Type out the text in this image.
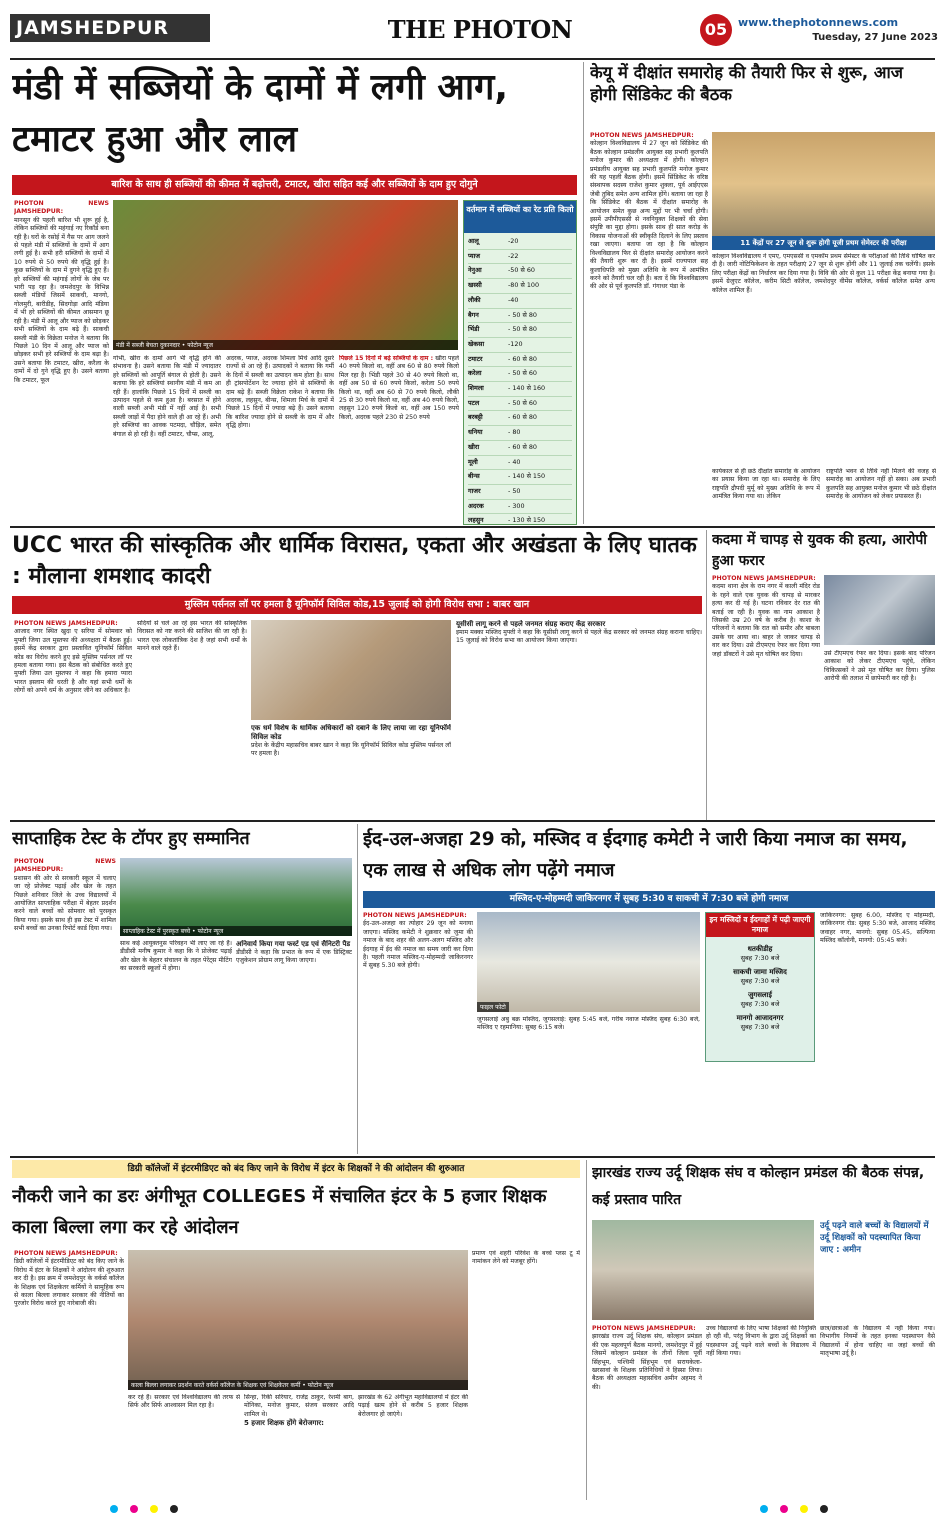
JAMSHEDPUR	THE PHOTON	05 www.thephotonnews.com
Tuesday, 27 June 2023
मंडी में सब्जियों के दामों में लगी आग, टमाटर हुआ और लाल
बारिश के साथ ही सब्जियों की कीमत में बढ़ोत्तरी, टमाटर, खीरा सहित कई और सब्जियों के दाम हुए दोगुने
PHOTON NEWS JAMSHEDPUR:
मानसून की पहली बारिश भी शुरू हुई है, लेकिन सब्जियों की महंगाई नए रिकॉर्ड बना रही है। घरों के रसोई में गैस पर आग जलने से पहले मंडी में सब्जियों के दामों में आग लगी हुई है। सभी हरी सब्जियों के दामों में 10 रुपये से 50 रुपये की वृद्धि हुई है। कुछ सब्जियों के दाम में दुगने वृद्धि हुए हैं। हरे सब्जियों की महंगाई लोगों के जेब पर भारी पड़ रहा है। जमशेदपुर के विभिन्न सब्जी मंडियों जिसमें साकची, मानगो, गोलमुरी, बारीडीह, सिदगोड़ा आदि मंडिया में भी हरे सब्जियों की कीमत आसमान छू रही है। मंडी में आलू और प्याज को छोड़कर सभी सब्जियों के दाम बढ़े हैं। साकची सब्जी मंडी के विक्रेता मनोज ने बताया कि पिछले 10 दिन में आलू और प्याज को छोड़कर सभी हरे सब्जियों के दाम बढ़ा है। उसने बताया कि टमाटर, खीरा, करैला के दामों में दो गुने वृद्धि हुए है। उसने बताया कि टमाटर, फूल
मंडी में सब्जी बेचता दुकानदार • फोटोन न्यूज
गोभी, खीरा के दामों आगे भी वृद्धि होने की संभावना है। उसने बताया कि मंडी में ज्यादातर हरे सब्जियों को आपूर्ति बंगाल से होती है। उसने बताया कि हरे सब्जियां स्थानीय मंडी में कम आ रही हैं। हालांकि पिछले 15 दिनों में सब्जी का उत्पादन पहले से कम हुआ है। बरसात में होने वाली सब्जी अभी मंडी में नहीं आई है। सभी सब्जी जाड़ों में पैदा होने वाले ही आ रहे हैं। अभी हरे सब्जियां का आवक पटमदा, चौड़िल, समेत बंगाल से हो रही है। वहीं टमाटर, चौप्स, आलू,
अदरक, प्याज, अदरक शिमला मिर्च आदि दूसरे राज्यों से आ रहे हैं। उत्पादकों ने बताया कि गर्मी के दिनों में सब्जी का उत्पादन कम होता है। साथ ही ट्रांसपोर्टेशन रेट ज्यादा होने से सब्जियों के दाम बढ़े हैं। सब्जी विक्रेता राकेश ने बताया कि अदरक, लहसुन, बीन्स, शिमला मिर्च के दामों में पिछले 15 दिनों में ज्यादा बढ़े हैं। उसने बताया कि बारिश ज्यादा होने से सब्जी के दाम में और वृद्धि होगा।
पिछले 15 दिनों में बढ़े सब्जियों के दाम : खीरा पहले 40 रुपये किलो था, वहीं अब 60 से 80 रुपये किलो मिल रहा है। भिंडी पहले 30 से 40 रुपये किलो था, वहीं अब 50 से 60 रुपये किलो, करेला 50 रुपये किलो था, वहीं अब 60 से 70 रुपये किलो, लौकी 25 से 30 रुपये किलो था, वहीं अब 40 रुपये किलो, लहसुन 120 रुपये किलो था, वहीं अब 150 रुपये किलो, अदरक पहले 230 से 250 रुपये
वर्तमान में सब्जियों का रेट प्रति किलो
आलू	-20
प्याज	-22
नेनुआ	-50 से 60
खस्सी	-80 से 100
लौकी	-40
बैगन	- 50 से 80
भिंडी	- 50 से 80
खेकसा	-120
टमाटर	- 60 से 80
करेला	- 50 से 60
शिमला	- 140 से 160
पटल	- 50 से 60
बरबट्टी	- 60 से 80
धनिया	- 80
खीरा	- 60 से 80
मूली	- 40
बीन्स	- 140 से 150
गाजर	- 50
अदरक	- 300
लहसुन	- 130 से 150
केयू में दीक्षांत समारोह की तैयारी फिर से शुरू, आज होगी सिंडिकेट की बैठक
PHOTON NEWS JAMSHEDPUR:
कोल्हान विश्वविद्यालय में 27 जून को सिंडिकेट की बैठक कोल्हान प्रमंडलीय आयुक्त सह प्रभारी कुलपति मनोज कुमार की अध्यक्षता में होगी। कोल्हान प्रमंडलीय आयुक्त सह प्रभारी कुलपति मनोज कुमार की यह पहली बैठक होगी। इसमें सिंडिकेट के वरिष्ठ संस्थापक सदस्य राजेश कुमार शुक्ला, पूर्व आईएएस जेबी तुबिद समेत अन्य शामिल होंगे। बताया जा रहा है कि सिंडिकेट की बैठक में दीक्षांत समारोह के आयोजन समेत कुछ अन्य मुद्दों पर भी चर्चा होगी। इसमें उपीपीएससी से नवनियुक्त शिक्षकों की सेवा संपुष्टि का मुद्दा होगा। इसके साथ ही सात करोड़ के विकास योजनाओं की स्वीकृति दिलाने के लिए प्रस्ताव रखा जाएगा। बताया जा रहा है कि कोल्हान विश्वविद्यालय फिर से दीक्षांत समारोह आयोजन करने की तैयारी शुरू कर दी है। इसमें राज्यपाल सह कुलाधिपति को मुख्य अतिथि के रूप में आमंत्रित करने को तैयारी चल रही है। बता दें कि विश्वविद्यालय की ओर से पूर्व कुलपति डॉ. गंगाधर पंडा के
11 केंद्रों पर 27 जून से शुरू होगी यूजी प्रथम सेमेस्टर की परीक्षा
कोल्हान विश्वविद्यालय ने एमए, एमएससी व एमकॉम प्रथम सेमेस्टर के परीक्षाओं की तिथि घोषित कर दी है। जारी नोटिफिकेशन के तहत परीक्षाएं 27 जून से शुरू होंगी और 11 जुलाई तक चलेंगी। इसके लिए परीक्षा केंद्रों का निर्धारण कर दिया गया है। विवि की ओर से कुल 11 परीक्षा केंद्र बनाया गया है। इसमें ग्रेजुएट कॉलेज, करीम सिटी कॉलेज, जमशेदपुर वीमेंस कॉलेज, वर्कर्स कॉलेज समेत अन्य कॉलेज शामिल हैं।
कार्यकाल से ही छठे दीक्षांत समारोह के आयोजन का प्रयास किया जा रहा था। समारोह के लिए राष्ट्रपति द्रौपदी मुर्मू को मुख्य अतिथि के रूप में आमंत्रित किया गया था। लेकिन
राष्ट्रपति भवन से तिथि नहीं मिलने की वजह से समारोह का आयोजन नहीं हो सका। अब प्रभारी कुलपति सह आयुक्त मनोज कुमार भी छठे दीक्षांत समारोह के आयोजन को लेकर प्रयासरत हैं।
UCC भारत की सांस्कृतिक और धार्मिक विरासत, एकता और अखंडता के लिए घातक : मौलाना शमशाद कादरी
मुस्लिम पर्सनल लॉ पर हमला है यूनिफॉर्म सिविल कोड,15 जुलाई को होगी विरोध सभा : बाबर खान
PHOTON NEWS JAMSHEDPUR:
आजाद नगर स्थित खुदा ए सरिया में सोमवार को मुफ्ती जिया उल मुस्तफा की अध्यक्षता में बैठक हुई। इसमें केंद्र सरकार द्वारा प्रस्तावित यूनिफॉर्म सिविल कोड का विरोध करने हुए इसे मुस्लिम पर्सनल लॉ पर हमला बताया गया। इस बैठक को संबोधित करते हुए मुफ्ती जिया उल मुस्तफा ने कहा कि हमारा प्यारा भारत इस्लाम की धरती है और यहां सभी धर्मों के लोगों को अपने धर्म के अनुसार जीने का अधिकार है।
सदियों से चले आ रहे इस भारत की सांस्कृतिक विरासत को नष्ट करने की साजिश की जा रही है। भारत एक लोकतांत्रिक देश है जहां सभी धर्मों के मानने वाले रहते हैं।
एक धर्म विशेष के धार्मिक अधिकारों को दबाने के लिए लाया जा रहा यूनिफॉर्म सिविल कोड
प्रदेश के केंद्रीय महासचिव बाबर खान ने कहा कि यूनिफॉर्म सिविल कोड मुस्लिम पर्सनल लॉ पर हमला है।
यूसीसी लागू करने से पहले जनमत संग्रह कराए केंद्र सरकार
इमाम मक्का मस्जिद मुफ्ती ने कहा कि यूसीसी लागू करने से पहले केंद्र सरकार को जनमत संग्रह कराना चाहिए। 15 जुलाई को विरोध सभा का आयोजन किया जाएगा।
कदमा में चापड़ से युवक की हत्या, आरोपी हुआ फरार
PHOTON NEWS JAMSHEDPUR:
कदमा थाना क्षेत्र के राम नगर में काली मंदिर रोड के रहने वाले एक युवक की चापड़ से मारकर हत्या कर दी गई है। घटना रविवार देर रात की बताई जा रही है। युवक का नाम आकाश है जिसकी उम्र 20 वर्ष के करीब है। काशा के परिजनों ने बताया कि रात को समीर और बाबला उसके घर आया था। बाहर ले जाकर चापड़ से वार कर दिया। उसे टीएमएच रेफर कर दिया गया जहां डॉक्टरों ने उसे मृत घोषित कर दिया।	उसे टीएमएच रेफर कर दिया। इसके बाद परिजन आकाश को लेकर टीएमएच पहुंचे, लेकिन चिकित्सकों ने उसे मृत घोषित कर दिया। पुलिस आरोपी की तलाश में छापेमारी कर रही है।
साप्ताहिक टेस्ट के टॉपर हुए सम्मानित
PHOTON NEWS JAMSHEDPUR:
प्रशासन की ओर से सरकारी स्कूल में चलाए जा रहे प्रोजेक्ट पढ़ाई और खेल के तहत पिछले शनिवार जिले के उच्च विद्यालयों में आयोजित साप्ताहिक परीक्षा में बेहतर प्रदर्शन करने वाले बच्चों को सोमवार को पुरस्कृत किया गया। इसके साथ ही इस टेस्ट में शामिल सभी बच्चों का उनका रिपोर्ट कार्ड दिया गया।	साप्ताहिक टेस्ट में पुरस्कृत बच्चे • फोटोन न्यूज
साथ कई आयुक्तनुस परिवहन भी लाए जा रहे हैं। डीडीसी मनीष कुमार ने कहा कि ने प्रोजेक्ट पढ़ाई और खेल के बेहतर संचालन के तहत पेरेंट्स मीटिंग का सरकारी स्कूलों में होगा।
अनिवार्य किया गया फर्स्ट एड एवं सैनिटरी पैड
डीडीसी ने कहा कि प्रभात के रूप में एक डिस्ट्रिक्ट एजुकेशन प्रोग्राम लागू किया जाएगा।
ईद-उल-अजहा 29 को, मस्जिद व ईदगाह कमेटी ने जारी किया नमाज का समय, एक लाख से अधिक लोग पढ़ेंगे नमाज
मस्जिद-ए-मोहम्मदी जाकिरनगर में सुबह 5:30 व साकची में 7:30 बजे होगी नमाज
PHOTON NEWS JAMSHEDPUR:
ईद-उल-अजहा का त्योहार 29 जून को मनाया जाएगा। मस्जिद कमेटी ने शुक्रवार को जुमा की नमाज के बाद शहर की अलग-अलग मस्जिद और ईदगाह में ईद की नमाज का समय जारी कर दिया है। पहली नमाज मस्जिद-ए-मोहम्मदी जाकिरनगर में सुबह 5.30 बजे होगी।
फाइल फोटो
इन मस्जिदों व ईदगाहों में पढ़ी जाएगी नमाज
धतकीडीह
सुबह 7:30 बजे
साकची जामा मस्जिद
सुबह 7:30 बजे
जुगसलाई
सुबह 7:30 बजे
मानगो आजादनगर
सुबह 7:30 बजे
जाकिरनगर: सुबह 6.00, मस्जिद ए मोहम्मदी, जाकिरनगर रोड: सुबह 5:30 बजे, आजाद मस्जिद जवाहर नगर, मानगो: सुबह 05.45, सल्फिया मस्जिद कॉलोनी, मानगो: 05:45 बजे।
जुगसलाई अबु बक्र मस्जिद, जुगसलाई: सुबह 5:45 बजे, गरीब नवाज मस्जिद सुबह 6:30 बजे, मस्जिद ए रहमानिया: सुबह 6:15 बजे।
डिग्री कॉलेजों में इंटरमीडिएट को बंद किए जाने के विरोध में इंटर के शिक्षकों ने की आंदोलन की शुरुआत
नौकरी जाने का डरः अंगीभूत COLLEGES में संचालित इंटर के 5 हजार शिक्षक काला बिल्ला लगा कर रहे आंदोलन
PHOTON NEWS JAMSHEDPUR:
डिग्री कॉलेजों में इंटरमीडिएट को बंद किए जाने के विरोध में इंटर के शिक्षकों ने आंदोलन की शुरुआत कर दी है। इस क्रम में जमशेदपुर के वर्कर्स कॉलेज के शिक्षक एवं शिक्षकेतर कर्मियों ने सामूहिक रूप से काला बिल्ला लगाकर सरकार की नीतियों का पुरजोर विरोध करते हुए नारेबाजी की।
काला बिल्ला लगाकर प्रदर्शन करते वर्कर्स कॉलेज के शिक्षक एवं शिक्षकेतर कर्मी • फोटोन न्यूज
कर रहे हैं। सरकार एवं विश्वविद्यालय की तरफ से सिर्फ और सिर्फ आश्वासन मिल रहा है।
सिन्हा, रिकी सरियार, राजेंद्र ठाकुर, रेशमी बाग, मोनिका, मनोज कुमार, संजय सरकार आदि शामिल थे।
5 हजार शिक्षक होंगे बेरोजगार:
झारखंड के 62 अंगीभूत महाविद्यालयों में इंटर की पढ़ाई खत्म होने से करीब 5 हजार शिक्षक बेरोजगार हो जाएंगे।
प्रमाण एवं शहरी परिवेश के बच्चे प्लस टू में नामांकन लेने को मजबूर होंगे।
झारखंड राज्य उर्दू शिक्षक संघ व कोल्हान प्रमंडल की बैठक संपन्न, कई प्रस्ताव पारित
उर्दू पढ़ने वाले बच्चों के विद्यालयों में उर्दू शिक्षकों को पदस्थापित किया जाए : अमीन
PHOTON NEWS JAMSHEDPUR:
झारखंड राज्य उर्दू शिक्षक संघ, कोल्हान प्रमंडल की एक महत्वपूर्ण बैठक मानगो, जमशेदपुर में हुई जिसमें कोल्हान प्रमंडल के तीनों जिला पूर्वी सिंहभूम, पश्चिमी सिंहभूम एवं सरायकेला-खरसावां के शिक्षक प्रतिनिधियों ने हिस्सा लिया। बैठक की अध्यक्षता महासचिव अमीन अहमद ने की।
उच्च विद्यालयों के लिए भाषा शिक्षकों की नियुक्ति हो रही थी, परंतु विभाग के द्वारा उर्दू शिक्षकों का पदस्थापन उर्दू पढ़ने वाले बच्चों के विद्यालय में नहीं किया गया।
छात्र/छात्राओं के विद्यालय में नहीं किया गया। विभागीय नियमों के तहत इनका पदस्थापन वैसे विद्यालयों में होना चाहिए था जहां बच्चों की मातृभाषा उर्दू है।
